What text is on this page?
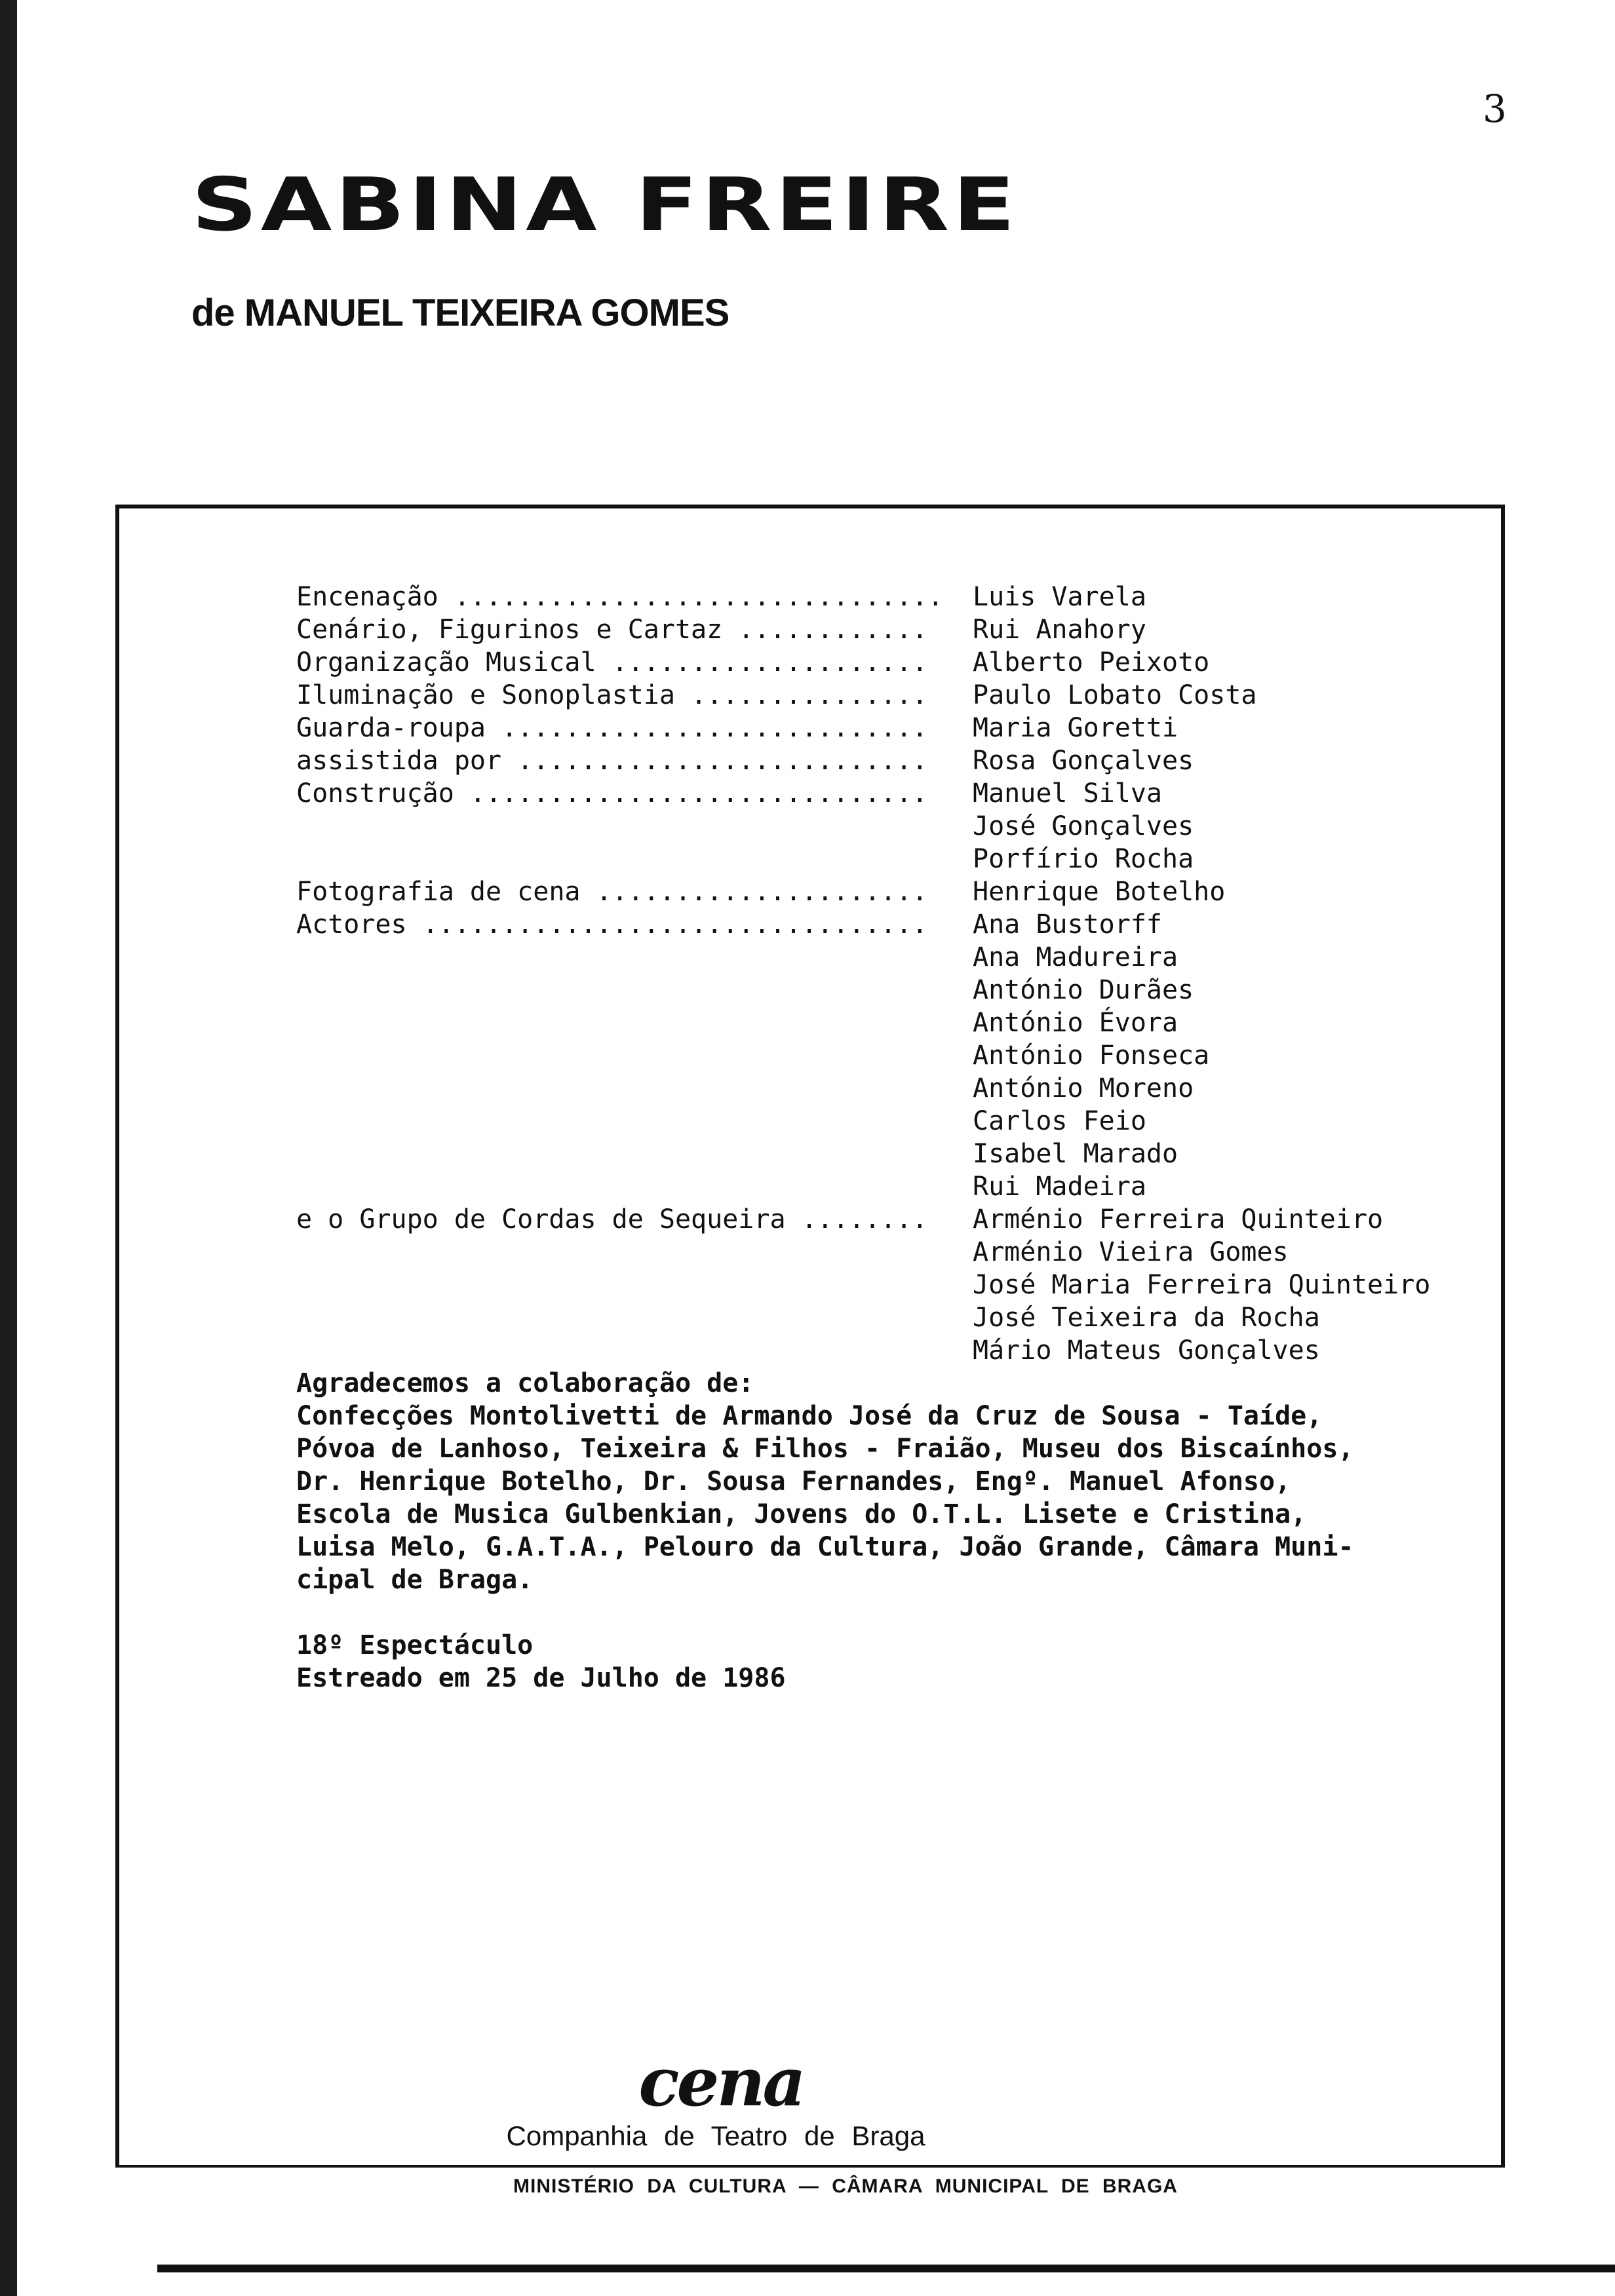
3
SABINA FREIRE
de MANUEL TEIXEIRA GOMES
Encenação ............................... Luis Varela
Cenário, Figurinos e Cartaz ............ Rui Anahory
Organização Musical .................... Alberto Peixoto
Iluminação e Sonoplastia ............... Paulo Lobato Costa
Guarda-roupa ........................... Maria Goretti
assistida por .......................... Rosa Gonçalves
Construção ............................. Manuel Silva
José Gonçalves
Porfírio Rocha
Fotografia de cena ..................... Henrique Botelho
Actores ................................ Ana Bustorff
Ana Madureira
António Durães
António Évora
António Fonseca
António Moreno
Carlos Feio
Isabel Marado
Rui Madeira
e o Grupo de Cordas de Sequeira ........ Arménio Ferreira Quinteiro
Arménio Vieira Gomes
José Maria Ferreira Quinteiro
José Teixeira da Rocha
Mário Mateus Gonçalves
Agradecemos a colaboração de:
Confecções Montolivetti de Armando José da Cruz de Sousa - Taíde,
Póvoa de Lanhoso, Teixeira & Filhos - Fraião, Museu dos Biscaínhos,
Dr. Henrique Botelho, Dr. Sousa Fernandes, Engº. Manuel Afonso,
Escola de Musica Gulbenkian, Jovens do O.T.L. Lisete e Cristina,
Luisa Melo, G.A.T.A., Pelouro da Cultura, João Grande, Câmara Muni-
cipal de Braga.
18º Espectáculo
Estreado em 25 de Julho de 1986
cena
Companhia de Teatro de Braga
MINISTÉRIO DA CULTURA — CÂMARA MUNICIPAL DE BRAGA
